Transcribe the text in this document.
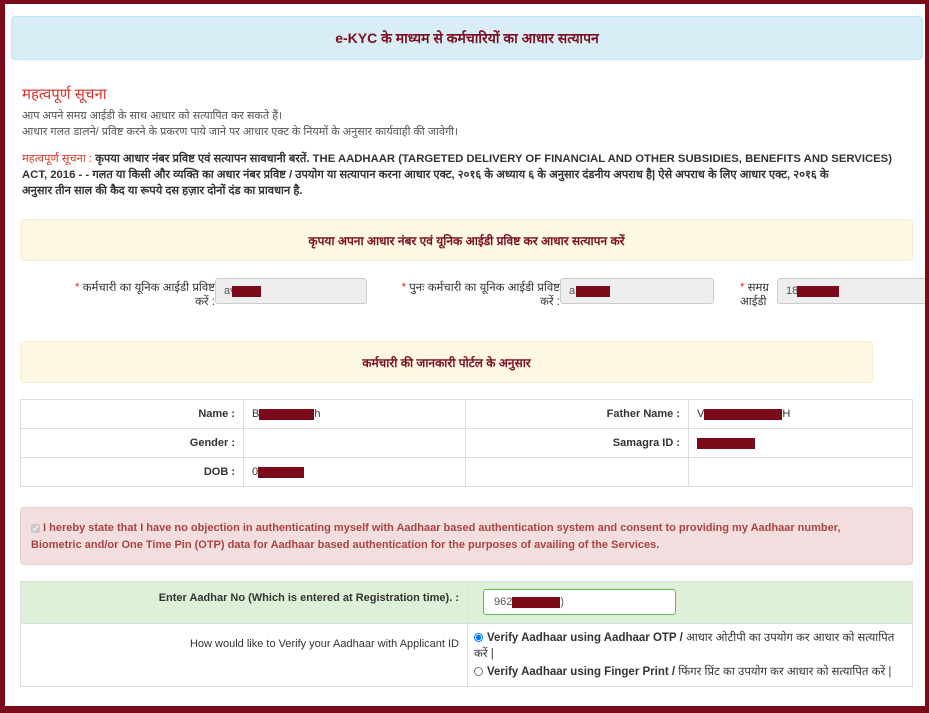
e-KYC के माध्यम से कर्मचारियों का आधार सत्यापन
महत्वपूर्ण सूचना
आप अपने समग्र आईडी के साथ आधार को सत्यापित कर सकते हैं।
आधार गलत डालने/ प्रविष्ट करने के प्रकरण पाये जाने पर आधार एक्ट के नियमों के अनुसार कार्यवाही की जावेगी।
महत्वपूर्ण सूचना : कृपया आधार नंबर प्रविष्ट एवं सत्यापन सावधानी बरतें. THE AADHAAR (TARGETED DELIVERY OF FINANCIAL AND OTHER SUBSIDIES, BENEFITS AND SERVICES)
ACT, 2016 - - गलत या किसी और व्यक्ति का अधार नंबर प्रविष्ट / उपयोग या सत्यापान करना आधार एक्ट, २०१६ के अध्याय ६ के अनुसार दंडनीय अपराध है| ऐसे अपराध के लिए आधार एक्ट, २०१६ के
अनुसार तीन साल की कैद या रूपये दस हज़ार दोनों दंड का प्रावधान है.
कृपया अपना आधार नंबर एवं यूनिक आईडी प्रविष्ट कर आधार सत्यापन करें
* कर्मचारी का यूनिक आईडी प्रविष्ट
करें :
av
* पुनः कर्मचारी का यूनिक आईडी प्रविष्ट
करें :
a
* समग्र
आईडी
18
कर्मचारी की जानकारी पोर्टल के अनुसार
Name :	B h	Father Name :	V H
Gender :		Samagra ID :	
DOB :	0		
I hereby state that I have no objection in authenticating myself with Aadhaar based authentication system and consent to providing my Aadhaar number,
Biometric and/or One Time Pin (OTP) data for Aadhaar based authentication for the purposes of availing of the Services.
Enter Aadhar No (Which is entered at Registration time). :	962 )

How would like to Verify your Aadhaar with Applicant ID	Verify Aadhaar using Aadhaar OTP / आधार ओटीपी का उपयोग कर आधार को सत्यापित करें |
Verify Aadhaar using Finger Print / फिंगर प्रिंट का उपयोग कर आधार को सत्यापित करें |
